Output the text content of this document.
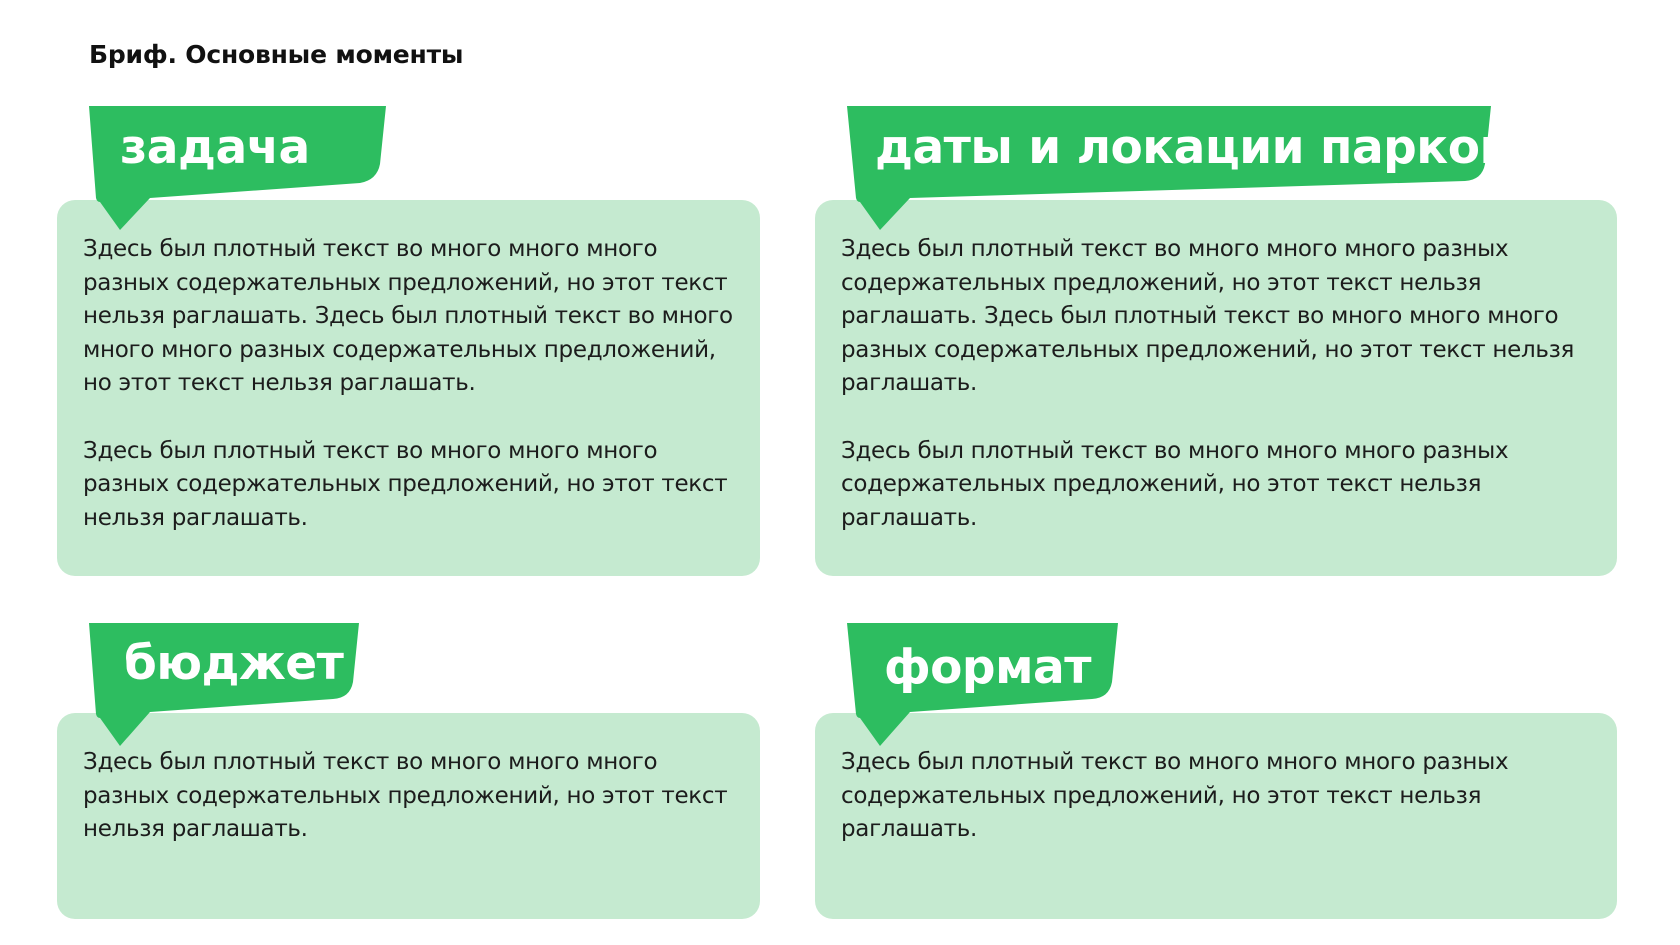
Бриф. Основные моменты

Здесь был плотный текст во много много много разных содержательных предложений, но этот текст нельзя раглашать. Здесь был плотный текст во много много много разных содержательных предложений, но этот текст нельзя раглашать.

Здесь был плотный текст во много много много разных содержательных предложений, но этот текст нельзя раглашать.

задача

Здесь был плотный текст во много много много разных содержательных предложений, но этот текст нельзя раглашать. Здесь был плотный текст во много много много разных содержательных предложений, но этот текст нельзя раглашать.

Здесь был плотный текст во много много много разных содержательных предложений, но этот текст нельзя раглашать.

даты и локации парков

Здесь был плотный текст во много много много разных содержательных предложений, но этот текст нельзя раглашать.

бюджет

Здесь был плотный текст во много много много разных содержательных предложений, но этот текст нельзя раглашать.

формат
